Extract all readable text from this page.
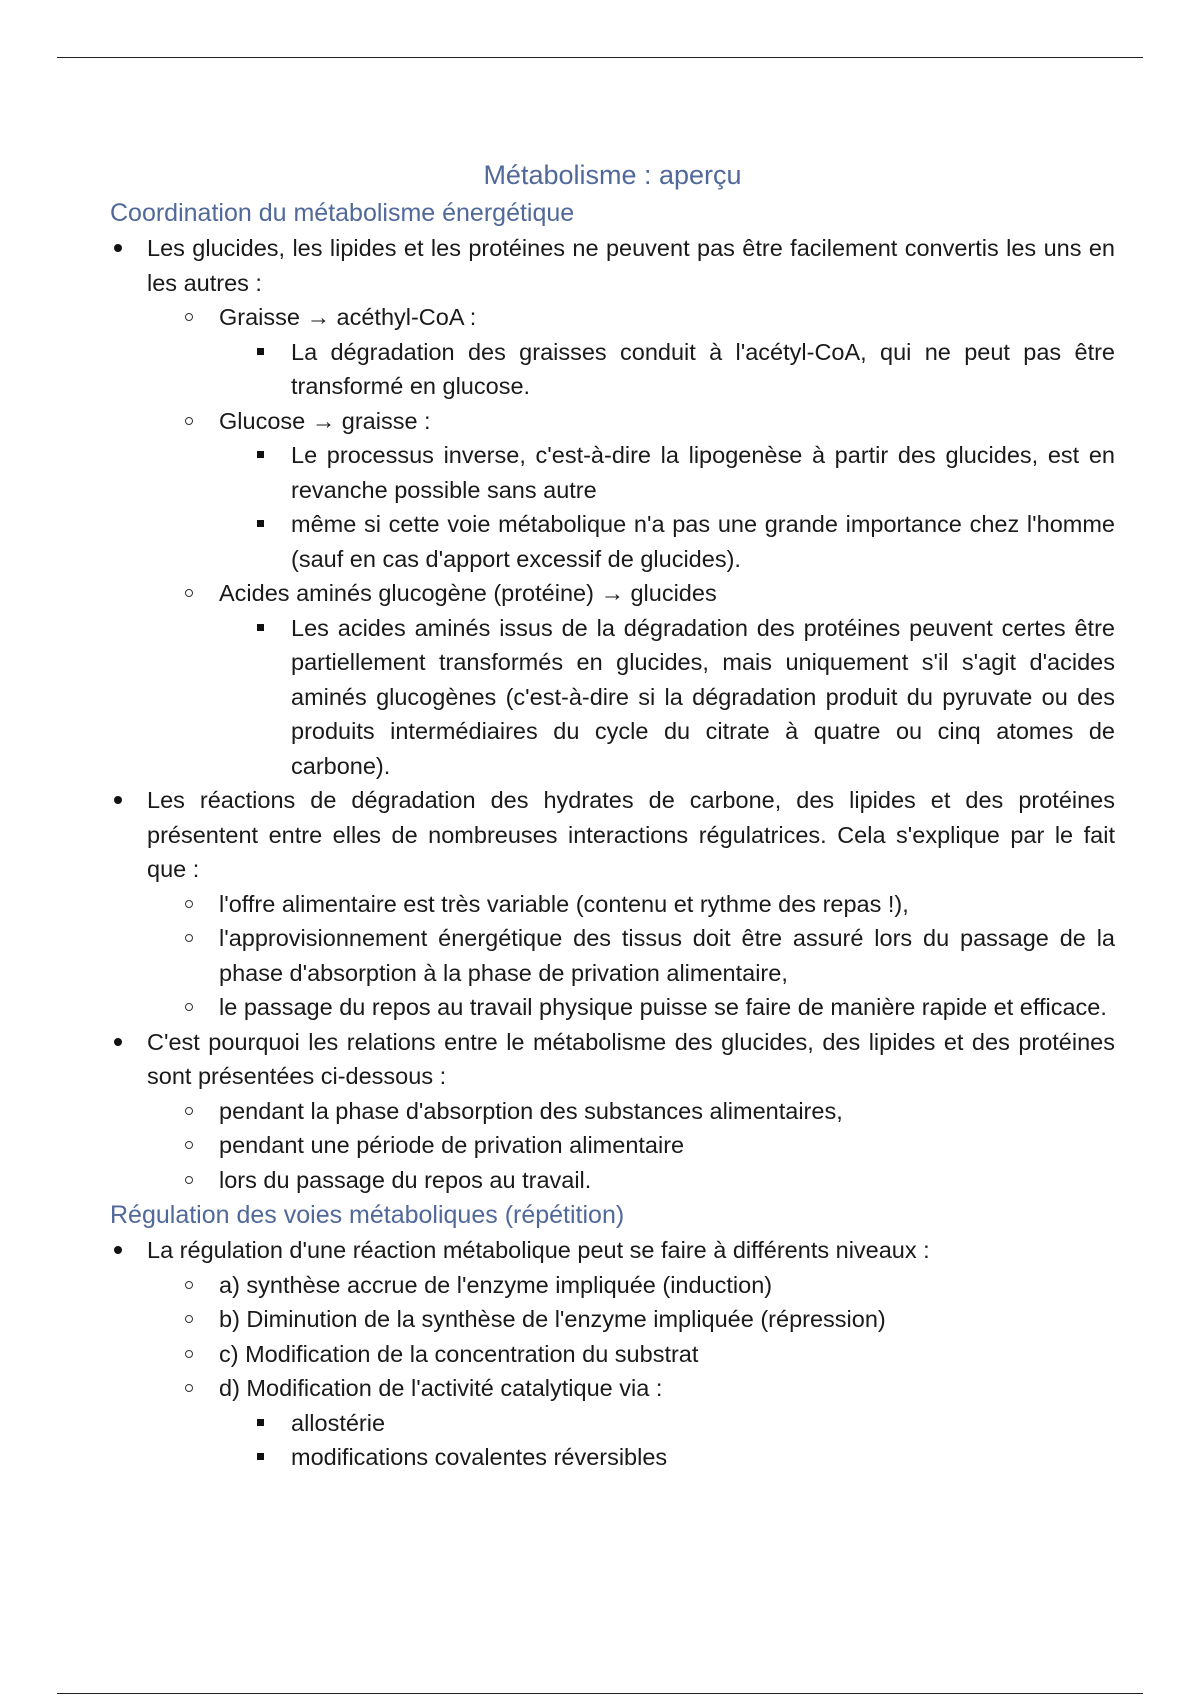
Métabolisme : aperçu
Coordination du métabolisme énergétique
Les glucides, les lipides et les protéines ne peuvent pas être facilement convertis les uns en les autres :
Graisse → acéthyl-CoA :
La dégradation des graisses conduit à l'acétyl-CoA, qui ne peut pas être transformé en glucose.
Glucose → graisse :
Le processus inverse, c'est-à-dire la lipogenèse à partir des glucides, est en revanche possible sans autre
même si cette voie métabolique n'a pas une grande importance chez l'homme (sauf en cas d'apport excessif de glucides).
Acides aminés glucogène (protéine) → glucides
Les acides aminés issus de la dégradation des protéines peuvent certes être partiellement transformés en glucides, mais uniquement s'il s'agit d'acides aminés glucogènes (c'est-à-dire si la dégradation produit du pyruvate ou des produits intermédiaires du cycle du citrate à quatre ou cinq atomes de carbone).
Les réactions de dégradation des hydrates de carbone, des lipides et des protéines présentent entre elles de nombreuses interactions régulatrices. Cela s'explique par le fait que :
l'offre alimentaire est très variable (contenu et rythme des repas !),
l'approvisionnement énergétique des tissus doit être assuré lors du passage de la phase d'absorption à la phase de privation alimentaire,
le passage du repos au travail physique puisse se faire de manière rapide et efficace.
C'est pourquoi les relations entre le métabolisme des glucides, des lipides et des protéines sont présentées ci-dessous :
pendant la phase d'absorption des substances alimentaires,
pendant une période de privation alimentaire
lors du passage du repos au travail.
Régulation des voies métaboliques (répétition)
La régulation d'une réaction métabolique peut se faire à différents niveaux :
a) synthèse accrue de l'enzyme impliquée (induction)
b) Diminution de la synthèse de l'enzyme impliquée (répression)
c) Modification de la concentration du substrat
d) Modification de l'activité catalytique via :
allostérie
modifications covalentes réversibles
